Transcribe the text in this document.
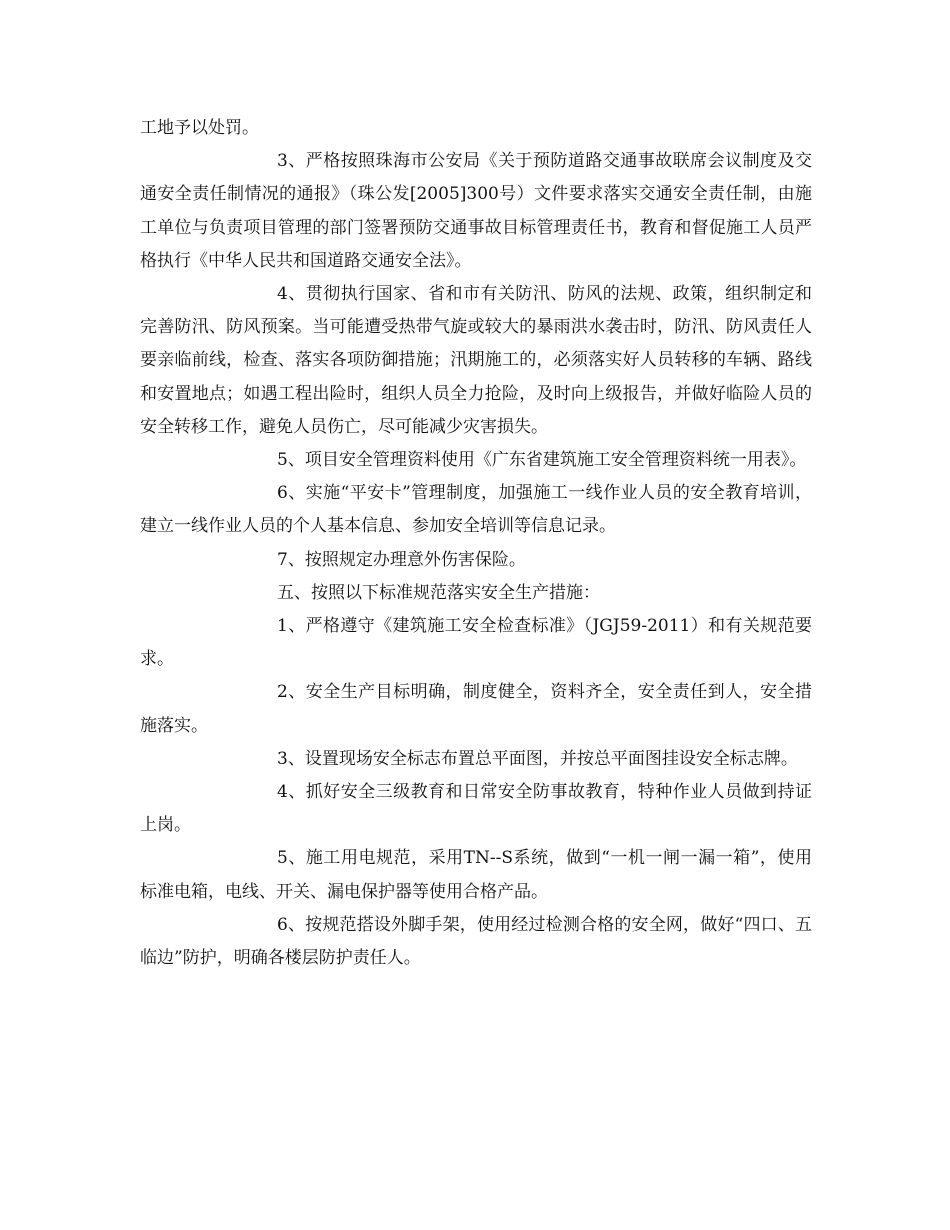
工地予以处罚。

3、严格按照珠海市公安局《关于预防道路交通事故联席会议制度及交通安全责任制情况的通报》（珠公发[2005]300号）文件要求落实交通安全责任制，由施工单位与负责项目管理的部门签署预防交通事故目标管理责任书，教育和督促施工人员严格执行《中华人民共和国道路交通安全法》。

4、贯彻执行国家、省和市有关防汛、防风的法规、政策，组织制定和完善防汛、防风预案。当可能遭受热带气旋或较大的暴雨洪水袭击时，防汛、防风责任人要亲临前线，检查、落实各项防御措施；汛期施工的，必须落实好人员转移的车辆、路线和安置地点；如遇工程出险时，组织人员全力抢险，及时向上级报告，并做好临险人员的安全转移工作，避免人员伤亡，尽可能减少灾害损失。

5、项目安全管理资料使用《广东省建筑施工安全管理资料统一用表》。

6、实施“平安卡”管理制度，加强施工一线作业人员的安全教育培训，建立一线作业人员的个人基本信息、参加安全培训等信息记录。

7、按照规定办理意外伤害保险。

五、按照以下标准规范落实安全生产措施：

1、严格遵守《建筑施工安全检查标准》（JGJ59-2011）和有关规范要求。

2、安全生产目标明确，制度健全，资料齐全，安全责任到人，安全措施落实。

3、设置现场安全标志布置总平面图，并按总平面图挂设安全标志牌。

4、抓好安全三级教育和日常安全防事故教育，特种作业人员做到持证上岗。

5、施工用电规范，采用TN--S系统，做到“一机一闸一漏一箱”，使用标准电箱，电线、开关、漏电保护器等使用合格产品。

6、按规范搭设外脚手架，使用经过检测合格的安全网，做好“四口、五临边”防护，明确各楼层防护责任人。
